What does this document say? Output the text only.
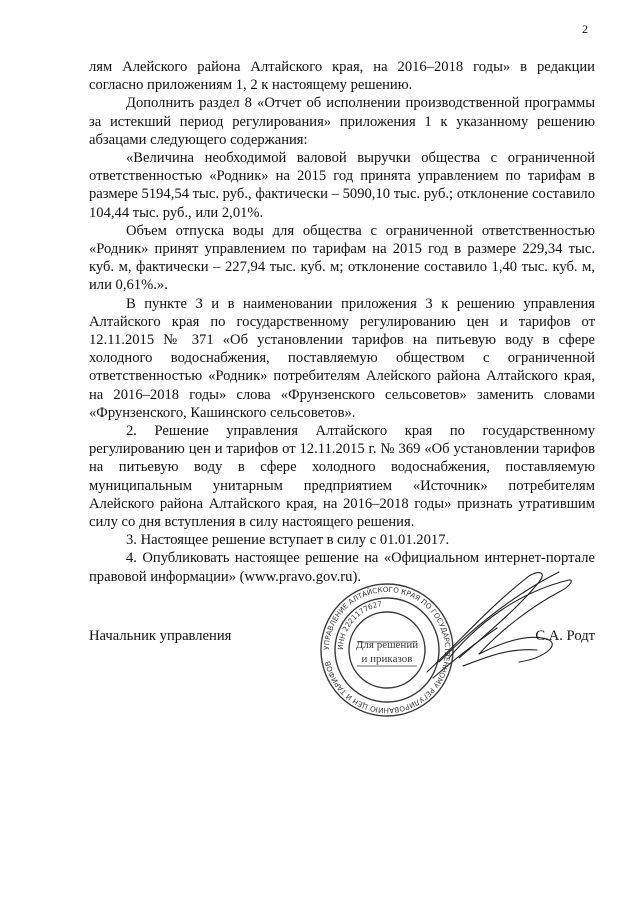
2

лям Алейского района Алтайского края, на 2016–2018 годы» в редакции согласно приложениям 1, 2 к настоящему решению.

Дополнить раздел 8 «Отчет об исполнении производственной программы за истекший период регулирования» приложения 1 к указанному решению абзацами следующего содержания:

«Величина необходимой валовой выручки общества с ограниченной ответственностью «Родник» на 2015 год принята управлением по тарифам в размере 5194,54 тыс. руб., фактически – 5090,10 тыс. руб.; отклонение составило 104,44 тыс. руб., или 2,01%.

Объем отпуска воды для общества с ограниченной ответственностью «Родник» принят управлением по тарифам на 2015 год в размере 229,34 тыс. куб. м, фактически – 227,94 тыс. куб. м; отклонение составило 1,40 тыс. куб. м, или 0,61%.».

В пункте 3 и в наименовании приложения 3 к решению управления Алтайского края по государственному регулированию цен и тарифов от 12.11.2015 № 371 «Об установлении тарифов на питьевую воду в сфере холодного водоснабжения, поставляемую обществом с ограниченной ответственностью «Родник» потребителям Алейского района Алтайского края, на 2016–2018 годы» слова «Фрунзенского сельсоветов» заменить словами «Фрунзенского, Кашинского сельсоветов».

2. Решение управления Алтайского края по государственному регулированию цен и тарифов от 12.11.2015 г. № 369 «Об установлении тарифов на питьевую воду в сфере холодного водоснабжения, поставляемую муниципальным унитарным предприятием «Источник» потребителям Алейского района Алтайского края, на 2016–2018 годы» признать утратившим силу со дня вступления в силу настоящего решения.

3. Настоящее решение вступает в силу с 01.01.2017.

4. Опубликовать настоящее решение на «Официальном интернет-портале правовой информации» (www.pravo.gov.ru).

Начальник управления
УПРАВЛЕНИЕ АЛТАЙСКОГО КРАЯ ПО ГОСУДАРСТВЕННОМУ РЕГУЛИРОВАНИЮ ЦЕН И ТАРИФОВ
ИНН 2221177627
Для решений
и приказов
С.А. Родт
